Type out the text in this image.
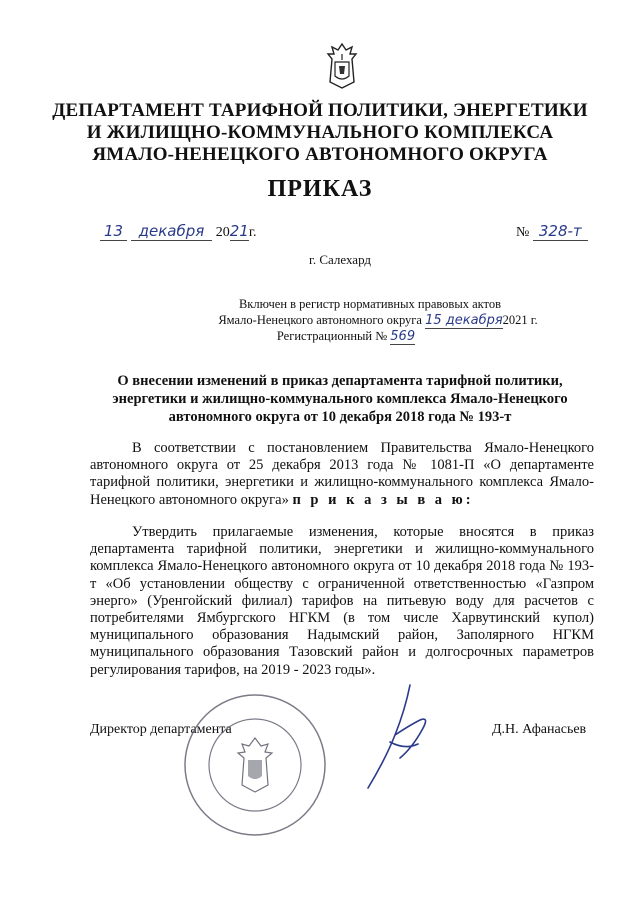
ДЕПАРТАМЕНТ ТАРИФНОЙ ПОЛИТИКИ, ЭНЕРГЕТИКИ
И ЖИЛИЩНО-КОММУНАЛЬНОГО КОМПЛЕКСА
ЯМАЛО-НЕНЕЦКОГО АВТОНОМНОГО ОКРУГА
ПРИКАЗ
13 декабря 2021г.	№ 328-т
г. Салехард
Включен в регистр нормативных правовых актов
Ямало-Ненецкого автономного округа 15 декабря2021 г.
Регистрационный № 569
О внесении изменений в приказ департамента тарифной политики,
энергетики и жилищно-коммунального комплекса Ямало-Ненецкого
автономного округа от 10 декабря 2018 года № 193-т

В соответствии с постановлением Правительства Ямало-Ненецкого автономного округа от 25 декабря 2013 года № 1081-П «О департаменте тарифной политики, энергетики и жилищно-коммунального комплекса Ямало-Ненецкого автономного округа» п р и к а з ы в а ю:

Утвердить прилагаемые изменения, которые вносятся в приказ департамента тарифной политики, энергетики и жилищно-коммунального комплекса Ямало-Ненецкого автономного округа от 10 декабря 2018 года № 193-т «Об установлении обществу с ограниченной ответственностью «Газпром энерго» (Уренгойский филиал) тарифов на питьевую воду для расчетов с потребителями Ямбургского НГКМ (в том числе Харвутинский купол) муниципального образования Надымский район, Заполярного НГКМ муниципального образования Тазовский район и долгосрочных параметров регулирования тарифов, на 2019 - 2023 годы».

Директор департамента	Д.Н. Афанасьев
